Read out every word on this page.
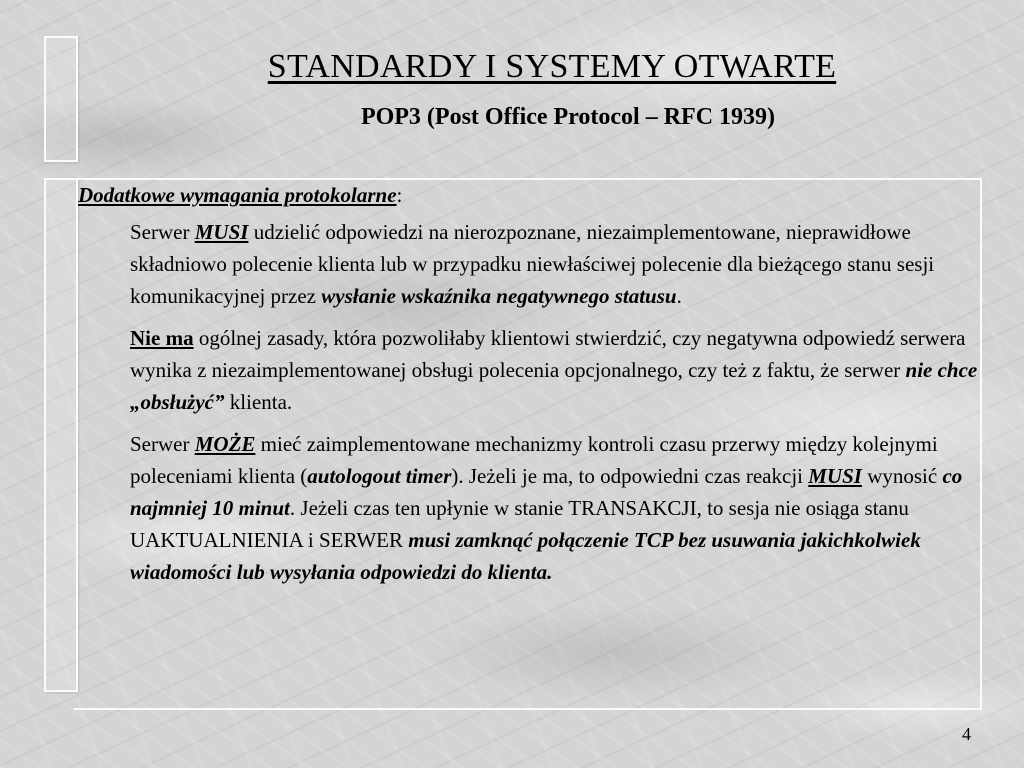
STANDARDY I SYSTEMY OTWARTE
POP3 (Post Office Protocol – RFC 1939)

Dodatkowe wymagania protokolarne:

Serwer MUSI udzielić odpowiedzi na nierozpoznane, niezaimplementowane, nieprawidłowe składniowo polecenie klienta lub w przypadku niewłaściwej polecenie dla bieżącego stanu sesji komunikacyjnej przez wysłanie wskaźnika negatywnego statusu.

Nie ma ogólnej zasady, która pozwoliłaby klientowi stwierdzić, czy negatywna odpowiedź serwera wynika z niezaimplementowanej obsługi polecenia opcjonalnego, czy też z faktu, że serwer nie chce „obsłużyć” klienta.

Serwer MOŻE mieć zaimplementowane mechanizmy kontroli czasu przerwy między kolejnymi poleceniami klienta (autologout timer). Jeżeli je ma, to odpowiedni czas reakcji MUSI wynosić co najmniej 10 minut. Jeżeli czas ten upłynie w stanie TRANSAKCJI, to sesja nie osiąga stanu UAKTUALNIENIA i SERWER musi zamknąć połączenie TCP bez usuwania jakichkolwiek wiadomości lub wysyłania odpowiedzi do klienta.

4
